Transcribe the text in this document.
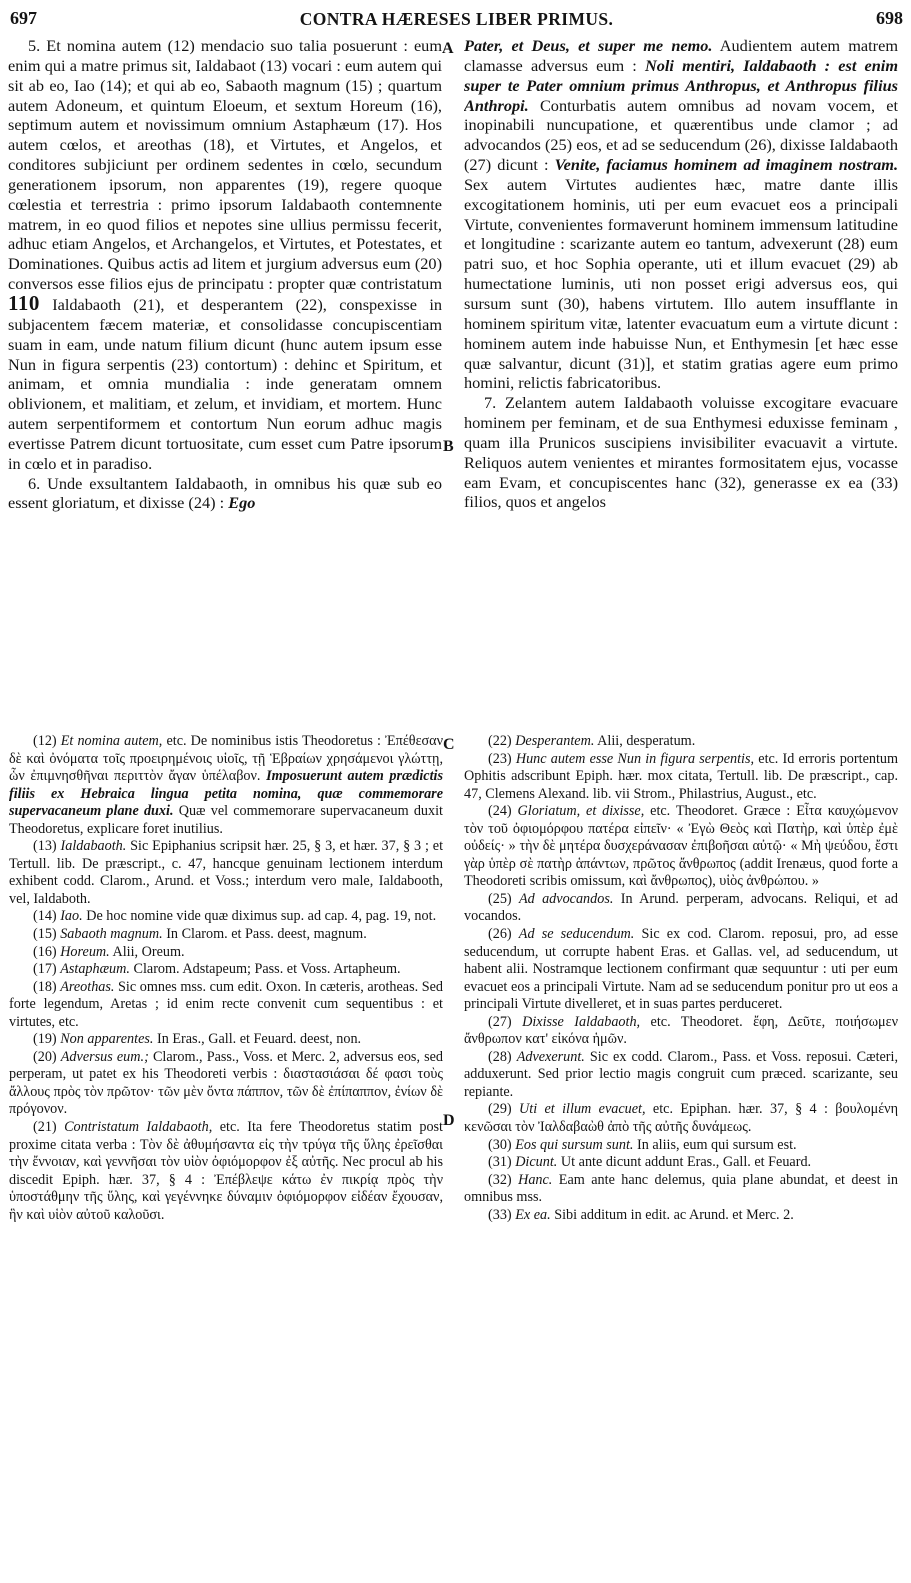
697	CONTRA HÆRESES LIBER PRIMUS.	698
A
B
C
D

5. Et nomina autem (12) mendacio suo talia posuerunt : eum enim qui a matre primus sit, Ialdabaot (13) vocari : eum autem qui sit ab eo, Iao (14); et qui ab eo, Sabaoth magnum (15) ; quartum autem Adoneum, et quintum Eloeum, et sextum Horeum (16), septimum autem et novissimum omnium Astaphæum (17). Hos autem cœlos, et areothas (18), et Virtutes, et Angelos, et conditores subjiciunt per ordinem sedentes in cœlo, secundum generationem ipsorum, non apparentes (19), regere quoque cœlestia et terrestria : primo ipsorum Ialdabaoth contemnente matrem, in eo quod filios et nepotes sine ullius permissu fecerit, adhuc etiam Angelos, et Archangelos, et Virtutes, et Potestates, et Dominationes. Quibus actis ad litem et jurgium adversus eum (20) conversos esse filios ejus de principatu : propter quæ contristatum 110 Ialdabaoth (21), et desperantem (22), conspexisse in subjacentem fæcem materiæ, et consolidasse concupiscentiam suam in eam, unde natum filium dicunt (hunc autem ipsum esse Nun in figura serpentis (23) contortum) : dehinc et Spiritum, et animam, et omnia mundialia : inde generatam omnem oblivionem, et malitiam, et zelum, et invidiam, et mortem. Hunc autem serpentiformem et contortum Nun eorum adhuc magis evertisse Patrem dicunt tortuositate, cum esset cum Patre ipsorum in cœlo et in paradiso.

6. Unde exsultantem Ialdabaoth, in omnibus his quæ sub eo essent gloriatum, et dixisse (24) : Ego

Pater, et Deus, et super me nemo. Audientem autem matrem clamasse adversus eum : Noli mentiri, Ialdabaoth : est enim super te Pater omnium primus Anthropus, et Anthropus filius Anthropi. Conturbatis autem omnibus ad novam vocem, et inopinabili nuncupatione, et quærentibus unde clamor ; ad advocandos (25) eos, et ad se seducendum (26), dixisse Ialdabaoth (27) dicunt : Venite, faciamus hominem ad imaginem nostram. Sex autem Virtutes audientes hæc, matre dante illis excogitationem hominis, uti per eum evacuet eos a principali Virtute, convenientes formaverunt hominem immensum latitudine et longitudine : scarizante autem eo tantum, advexerunt (28) eum patri suo, et hoc Sophia operante, uti et illum evacuet (29) ab humectatione luminis, uti non posset erigi adversus eos, qui sursum sunt (30), habens virtutem. Illo autem insufflante in hominem spiritum vitæ, latenter evacuatum eum a virtute dicunt : hominem autem inde habuisse Nun, et Enthymesin [et hæc esse quæ salvantur, dicunt (31)], et statim gratias agere eum primo homini, relictis fabricatoribus.

7. Zelantem autem Ialdabaoth voluisse excogitare evacuare hominem per feminam, et de sua Enthymesi eduxisse feminam , quam illa Prunicos suscipiens invisibiliter evacuavit a virtute. Reliquos autem venientes et mirantes formositatem ejus, vocasse eam Evam, et concupiscentes hanc (32), generasse ex ea (33) filios, quos et angelos

(12) Et nomina autem, etc. De nominibus istis Theodoretus : Ἐπέθεσαν δὲ καὶ ὀνόματα τοῖς προειρημένοις υἱοῖς, τῇ Ἑβραίων χρησάμενοι γλώττῃ, ὧν ἐπιμνησθῆναι περιττὸν ἄγαν ὑπέλαβον. Imposuerunt autem prædictis filiis ex Hebraica lingua petita nomina, quæ commemorare supervacaneum plane duxi. Quæ vel commemorare supervacaneum duxit Theodoretus, explicare foret inutilius.

(13) Ialdabaoth. Sic Epiphanius scripsit hær. 25, § 3, et hær. 37, § 3 ; et Tertull. lib. De præscript., c. 47, hancque genuinam lectionem interdum exhibent codd. Clarom., Arund. et Voss.; interdum vero male, Ialdabooth, vel, Ialdaboth.

(14) Iao. De hoc nomine vide quæ diximus sup. ad cap. 4, pag. 19, not.

(15) Sabaoth magnum. In Clarom. et Pass. deest, magnum.

(16) Horeum. Alii, Oreum.

(17) Astaphæum. Clarom. Adstapeum; Pass. et Voss. Artapheum.

(18) Areothas. Sic omnes mss. cum edit. Oxon. In cæteris, arotheas. Sed forte legendum, Aretas ; id enim recte convenit cum sequentibus : et virtutes, etc.

(19) Non apparentes. In Eras., Gall. et Feuard. deest, non.

(20) Adversus eum.; Clarom., Pass., Voss. et Merc. 2, adversus eos, sed perperam, ut patet ex his Theodoreti verbis : διαστασιάσαι δέ φασι τοὺς ἄλλους πρὸς τὸν πρῶτον· τῶν μὲν ὄντα πάππον, τῶν δὲ ἐπίπαππον, ἐνίων δὲ πρόγονον.

(21) Contristatum Ialdabaoth, etc. Ita fere Theodoretus statim post proxime citata verba : Τὸν δὲ ἀθυμήσαντα εἰς τὴν τρύγα τῆς ὕλης ἐρεῖσθαι τὴν ἔννοιαν, καὶ γεννῆσαι τὸν υἱὸν ὀφιόμορφον ἐξ αὐτῆς. Nec procul ab his discedit Epiph. hær. 37, § 4 : Ἐπέβλεψε κάτω ἐν πικρίᾳ πρὸς τὴν ὑποστάθμην τῆς ὕλης, καὶ γεγέννηκε δύναμιν ὀφιόμορφον εἰδέαν ἔχουσαν, ἣν καὶ υἱὸν αὐτοῦ καλοῦσι.

(22) Desperantem. Alii, desperatum.

(23) Hunc autem esse Nun in figura serpentis, etc. Id erroris portentum Ophitis adscribunt Epiph. hær. mox citata, Tertull. lib. De præscript., cap. 47, Clemens Alexand. lib. vii Strom., Philastrius, August., etc.

(24) Gloriatum, et dixisse, etc. Theodoret. Græce : Εἶτα καυχώμενον τὸν τοῦ ὀφιομόρφου πατέρα εἰπεῖν· « Ἐγὼ Θεὸς καὶ Πατὴρ, καὶ ὑπὲρ ἐμὲ οὐδείς· » τὴν δὲ μητέρα δυσχεράνασαν ἐπιβοῆσαι αὐτῷ· « Μὴ ψεύδου, ἔστι γὰρ ὑπὲρ σὲ πατὴρ ἁπάντων, πρῶτος ἄνθρωπος (addit Irenæus, quod forte a Theodoreti scribis omissum, καὶ ἄνθρωπος), υἱὸς ἀνθρώπου. »

(25) Ad advocandos. In Arund. perperam, advocans. Reliqui, et ad vocandos.

(26) Ad se seducendum. Sic ex cod. Clarom. reposui, pro, ad esse seducendum, ut corrupte habent Eras. et Gallas. vel, ad seducendum, ut habent alii. Nostramque lectionem confirmant quæ sequuntur : uti per eum evacuet eos a principali Virtute. Nam ad se seducendum ponitur pro ut eos a principali Virtute divelleret, et in suas partes perduceret.

(27) Dixisse Ialdabaoth, etc. Theodoret. ἔφη, Δεῦτε, ποιήσωμεν ἄνθρωπον κατ' εἰκόνα ἡμῶν.

(28) Advexerunt. Sic ex codd. Clarom., Pass. et Voss. reposui. Cæteri, adduxerunt. Sed prior lectio magis congruit cum præced. scarizante, seu repiante.

(29) Uti et illum evacuet, etc. Epiphan. hær. 37, § 4 : βουλομένη κενῶσαι τὸν Ἰαλδαβαὼθ ἀπὸ τῆς αὐτῆς δυνάμεως.

(30) Eos qui sursum sunt. In aliis, eum qui sursum est.

(31) Dicunt. Ut ante dicunt addunt Eras., Gall. et Feuard.

(32) Hanc. Eam ante hanc delemus, quia plane abundat, et deest in omnibus mss.

(33) Ex ea. Sibi additum in edit. ac Arund. et Merc. 2.
